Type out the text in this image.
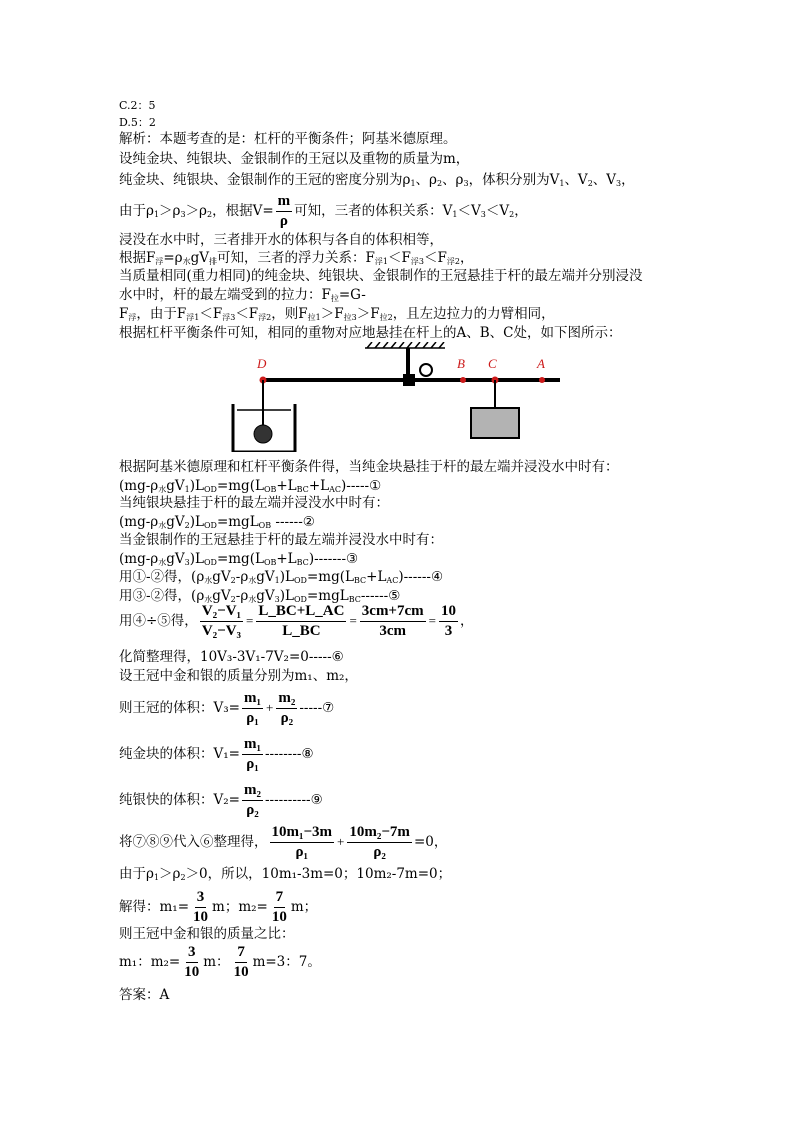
C.2：5
D.5：2
解析：本题考查的是：杠杆的平衡条件；阿基米德原理。
设纯金块、纯银块、金银制作的王冠以及重物的质量为m，
纯金块、纯银块、金银制作的王冠的密度分别为$\rho_1$、$\rho_2$、$\rho_3$，体积分别为$V_1$、$V_2$、$V_3$，
由于$\rho_1>\rho_3>\rho_2$，根据$V= \frac{m}{\rho}$ 可知，三者的体积关系：$V_1<V_3<V_2$，
浸没在水中时，三者排开水的体积与各自的体积相等，
根据$F_浮=\rho_水gV_排$可知，三者的浮力关系：$F_{浮1}<F_{浮3}<F_{浮2}$，
当质量相同(重力相同)的纯金块、纯银块、金银制作的王冠悬挂于杆的最左端并分别浸没
水中时，杆的最左端受到的拉力：$F_拉=G-$
$F_浮$，由于$F_{浮1}<F_{浮3}<F_{浮2}$，则$F_{拉1}>F_{拉3}>F_{拉2}$，且左边拉力的力臂相同，
根据杠杆平衡条件可知，相同的重物对应地悬挂在杆上的A、B、C处，如下图所示：
O
D	B C	A
根据阿基米德原理和杠杆平衡条件得，当纯金块悬挂于杆的最左端并浸没水中时有：
$(mg-\rho_水gV_1)L_{OD}=mg(L_{OB}+L_{BC}+L_{AC})-----①$
当纯银块悬挂于杆的最左端并浸没水中时有：
$(mg-\rho_水gV_2)L_{OD}=mgL_{OB}$ ------②
当金银制作的王冠悬挂于杆的最左端并浸没水中时有：
$(mg-\rho_水gV_3)L_{OD}=mg(L_{OB}+L_{BC})-------③$
用①-②得，$(\rho_水gV_2-\rho_水gV_1)L_{OD}=mg(L_{BC}+L_{AC})------④$
用③-②得，$(\rho_水gV_2-\rho_水gV_3)L_{OD}=mgL_{BC}------⑤$
用④÷⑤得， $\frac{\text{V₂−V₁}}{\text{V₂−V₃}} = \frac{L\_BC+L\_AC}{L\_BC} = \frac{3cm+7cm}{3cm} = \frac{10}{3}$ ，
化简整理得，10V₃-3V₁-7V₂=0-----⑥
设王冠中金和银的质量分别为m₁、m₂，
则王冠的体积：$V_3= \frac{\text{m₁}}{\text{ρ₁}} + \frac{\text{m₂}}{\text{ρ₂}}$ -----⑦
纯金块的体积：$V_1= \frac{\text{m₁}}{\text{ρ₁}}$ --------⑧
纯银快的体积：$V_2= \frac{\text{m₂}}{\text{ρ₂}}$ ----------⑨
将⑦⑧⑨代入⑥整理得， $\frac{\text{10m₁−3m}}{\text{ρ₁}} + \frac{\text{10m₂−7m}}{\text{ρ₂}} =0$，
由于$\rho_1>\rho_2>0$，所以，10m₁-3m=0；10m₂-7m=0；
解得：$m_1= \frac{3}{10}$ m；$m_2= \frac{7}{10}$ m；
则王冠中金和银的质量之比：
m₁：$m_2= \frac{3}{10}$ m： $\frac{7}{10} m=3$：7。
答案：A
